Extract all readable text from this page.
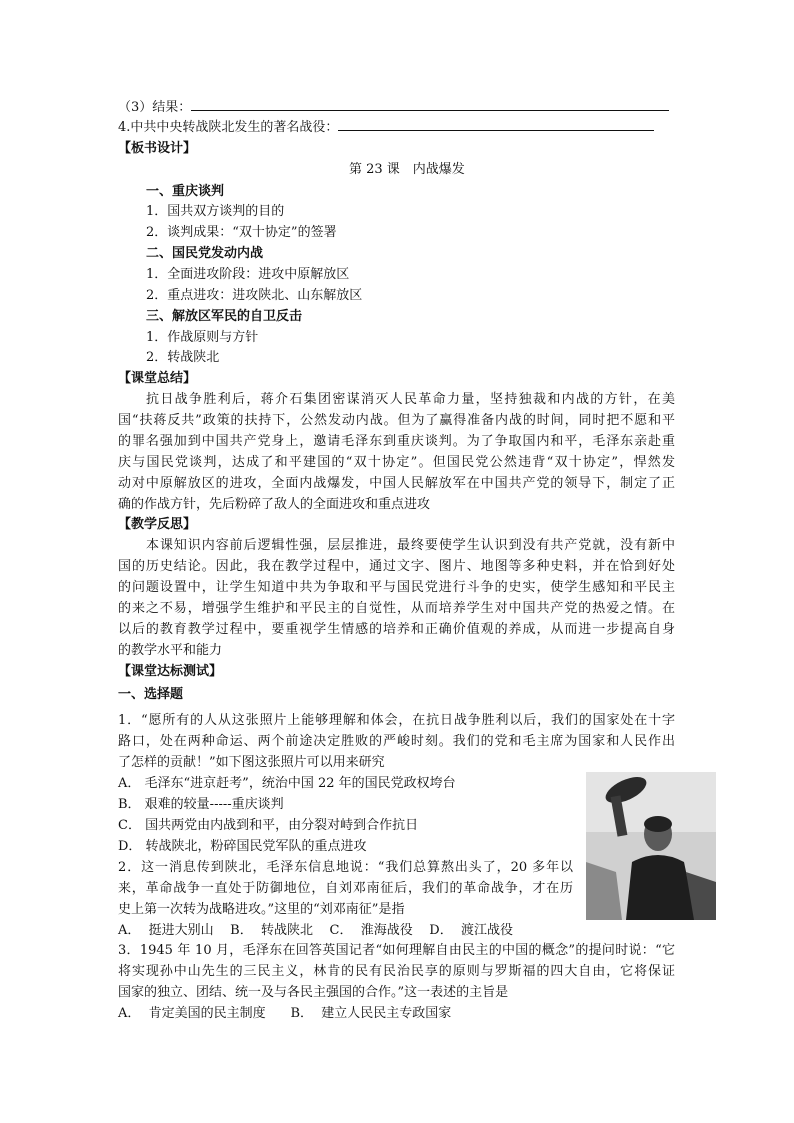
（3）结果：
4.中共中央转战陕北发生的著名战役：
【板书设计】
第 23 课　内战爆发
一、重庆谈判
1．国共双方谈判的目的
2．谈判成果：“双十协定”的签署
二、国民党发动内战
1．全面进攻阶段：进攻中原解放区
2．重点进攻：进攻陕北、山东解放区
三、解放区军民的自卫反击
1．作战原则与方针
2．转战陕北
【课堂总结】
抗日战争胜利后，蒋介石集团密谋消灭人民革命力量，坚持独裁和内战的方针，在美
国“扶蒋反共”政策的扶持下，公然发动内战。但为了赢得准备内战的时间，同时把不愿和平
的罪名强加到中国共产党身上，邀请毛泽东到重庆谈判。为了争取国内和平，毛泽东亲赴重
庆与国民党谈判，达成了和平建国的“双十协定”。但国民党公然违背“双十协定”，悍然发
动对中原解放区的进攻，全面内战爆发，中国人民解放军在中国共产党的领导下，制定了正
确的作战方针，先后粉碎了敌人的全面进攻和重点进攻
【教学反思】
本课知识内容前后逻辑性强，层层推进，最终要使学生认识到没有共产党就，没有新中
国的历史结论。因此，我在教学过程中，通过文字、图片、地图等多种史料，并在恰到好处
的问题设置中，让学生知道中共为争取和平与国民党进行斗争的史实，使学生感知和平民主
的来之不易，增强学生维护和平民主的自觉性，从而培养学生对中国共产党的热爱之情。在
以后的教育教学过程中，要重视学生情感的培养和正确价值观的养成，从而进一步提高自身
的教学水平和能力
【课堂达标测试】
一、选择题
1．“愿所有的人从这张照片上能够理解和体会，在抗日战争胜利以后，我们的国家处在十字
路口，处在两种命运、两个前途决定胜败的严峻时刻。我们的党和毛主席为国家和人民作出
了怎样的贡献！”如下图这张照片可以用来研究
A． 毛泽东“进京赶考”，统治中国 22 年的国民党政权垮台
B． 艰难的较量-----重庆谈判
C． 国共两党由内战到和平，由分裂对峙到合作抗日
D． 转战陕北，粉碎国民党军队的重点进攻
2．这一消息传到陕北，毛泽东信息地说：“我们总算熬出头了，20 多年以
来，革命战争一直处于防御地位，自刘邓南征后，我们的革命战争，才在历
史上第一次转为战略进攻。”这里的“刘邓南征”是指
A．  挺进大别山    B．  转战陕北    C．  淮海战役    D．  渡江战役
3．1945 年 10 月，毛泽东在回答英国记者“如何理解自由民主的中国的概念”的提问时说：“它
将实现孙中山先生的三民主义，林肯的民有民治民享的原则与罗斯福的四大自由，它将保证
国家的独立、团结、统一及与各民主强国的合作。”这一表述的主旨是
A．  肯定美国的民主制度      B．  建立人民民主专政国家
